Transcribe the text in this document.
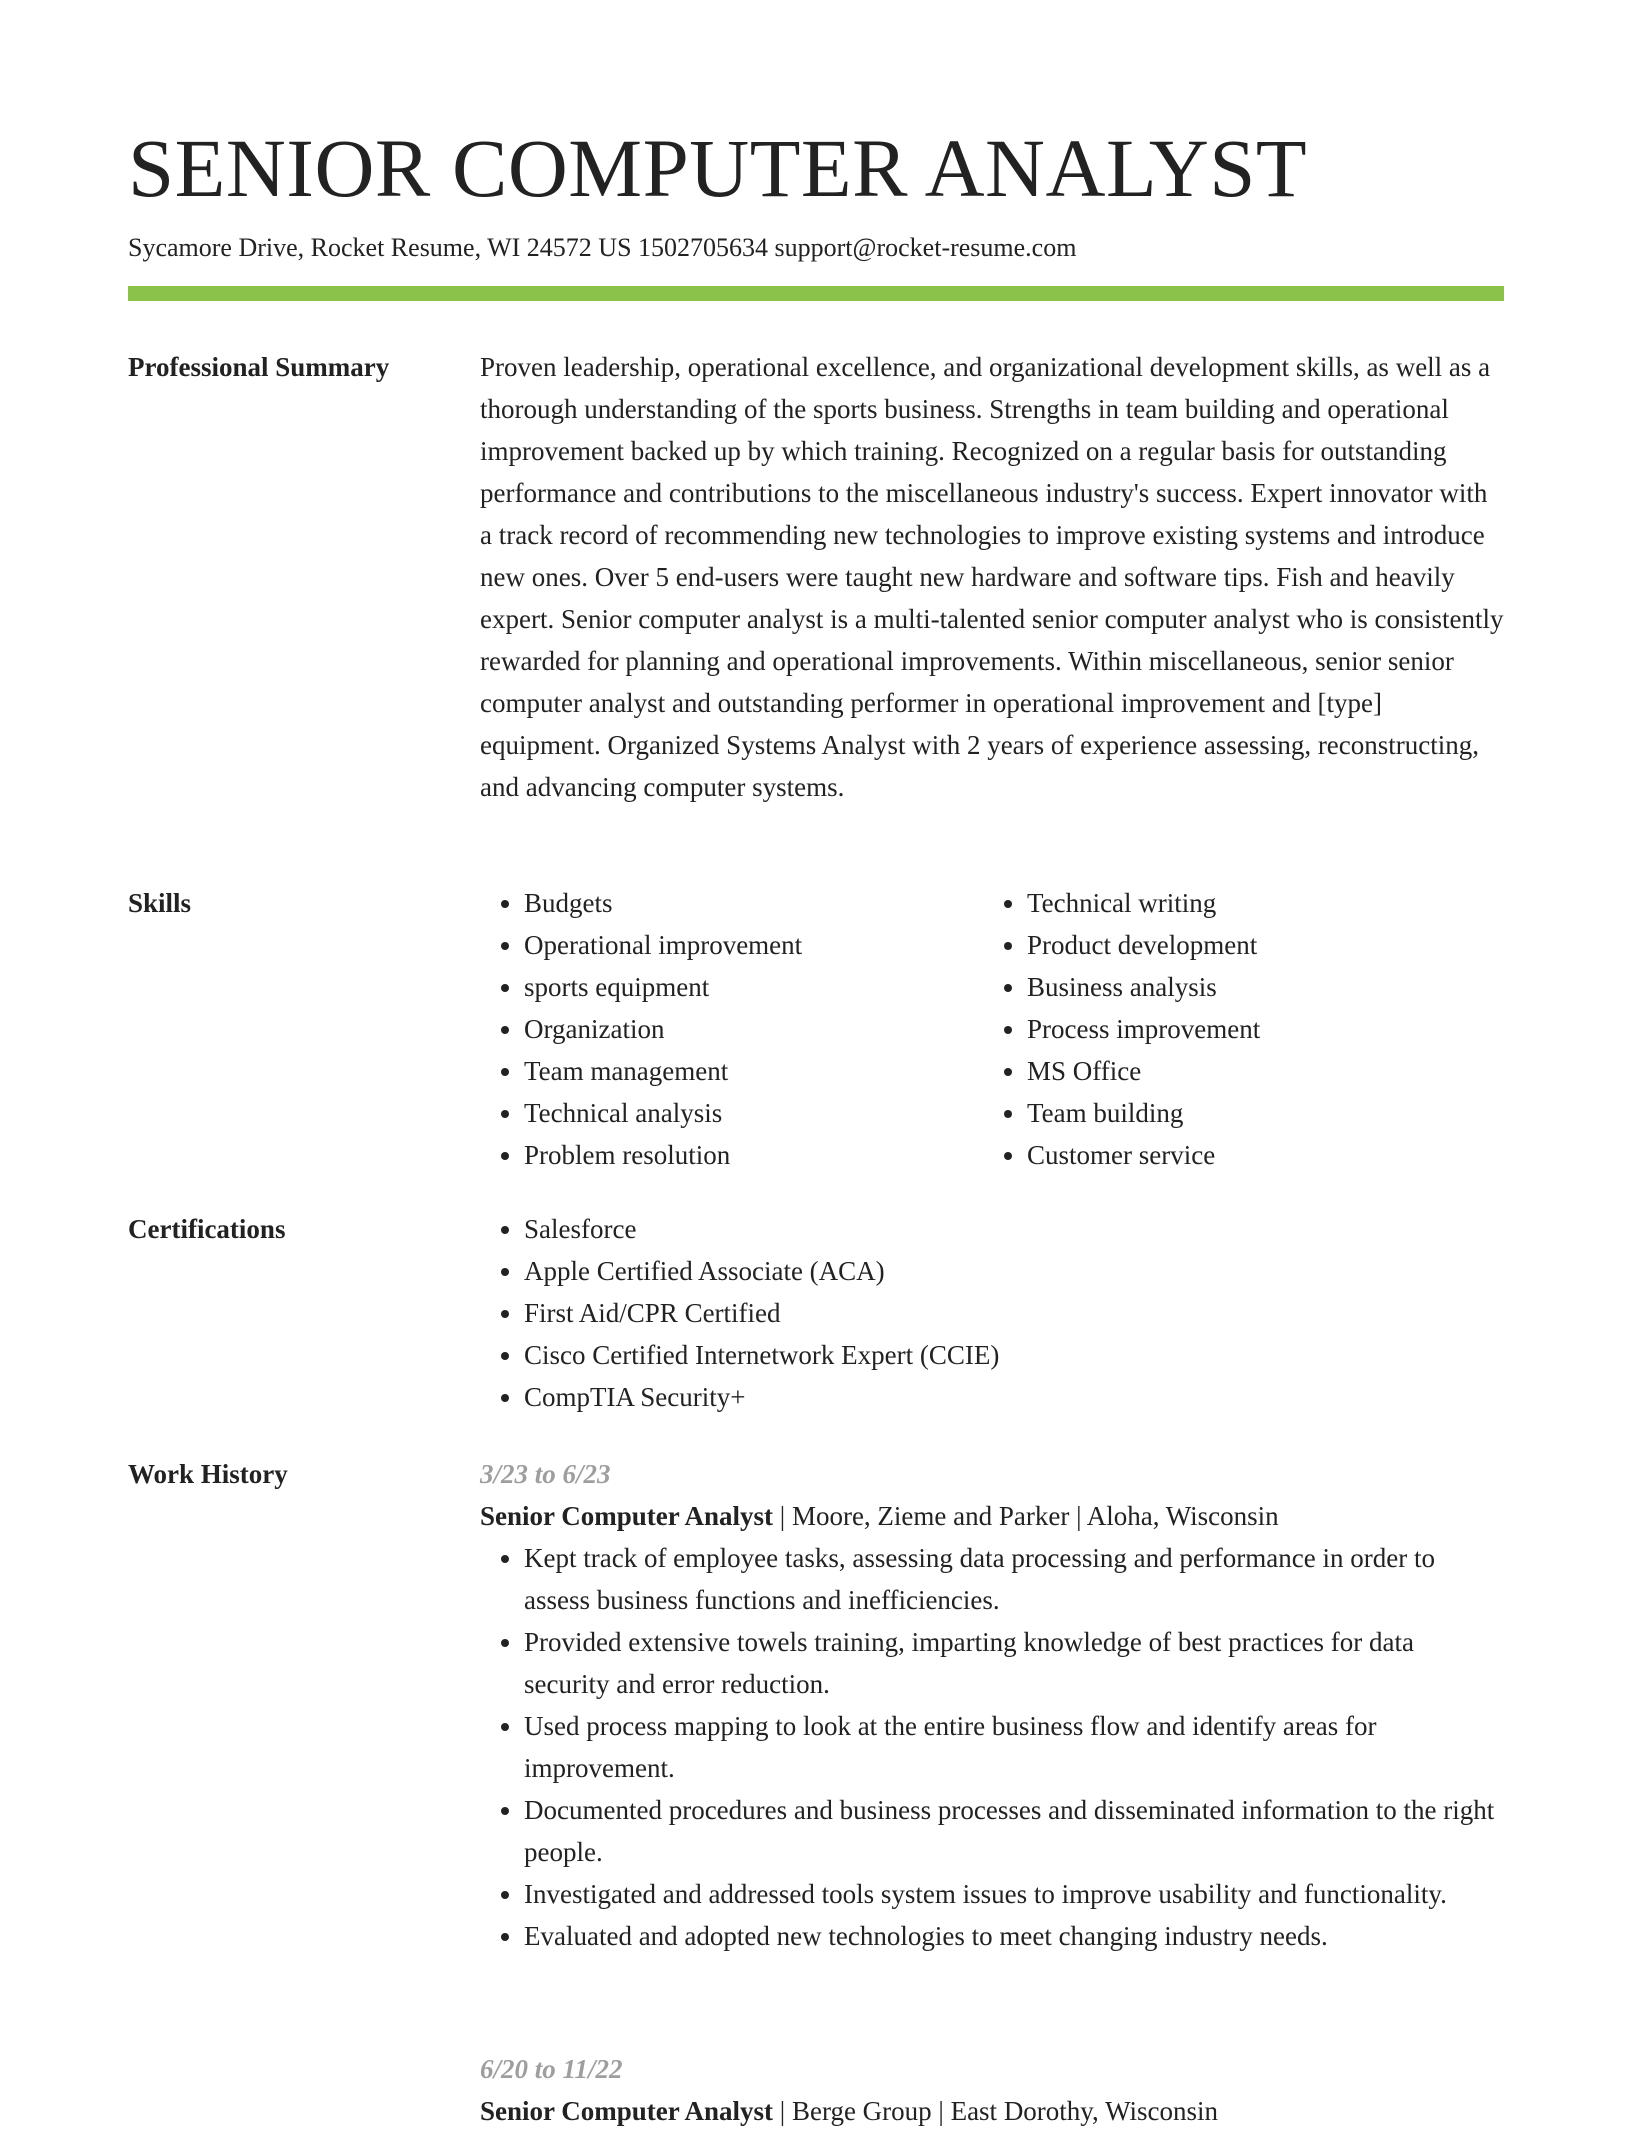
SENIOR COMPUTER ANALYST
Sycamore Drive, Rocket Resume, WI 24572 US 1502705634 support@rocket-resume.com
Professional Summary	Proven leadership, operational excellence, and organizational development skills, as well as a thorough understanding of the sports business. Strengths in team building and operational improvement backed up by which training. Recognized on a regular basis for outstanding performance and contributions to the miscellaneous industry's success. Expert innovator with a track record of recommending new technologies to improve existing systems and introduce new ones. Over 5 end-users were taught new hardware and software tips. Fish and heavily expert. Senior computer analyst is a multi-talented senior computer analyst who is consistently rewarded for planning and operational improvements. Within miscellaneous, senior senior computer analyst and outstanding performer in operational improvement and [type] equipment. Organized Systems Analyst with 2 years of experience assessing, reconstructing, and advancing computer systems.

Skills	• Budgets
• Operational improvement
• sports equipment
• Organization
• Team management
• Technical analysis
• Problem resolution
• Technical writing
• Product development
• Business analysis
• Process improvement
• MS Office
• Team building
• Customer service
Certifications	• Salesforce
• Apple Certified Associate (ACA)
• First Aid/CPR Certified
• Cisco Certified Internetwork Expert (CCIE)
• CompTIA Security+
Work History	3/23 to 6/23
Senior Computer Analyst | Moore, Zieme and Parker | Aloha, Wisconsin
• Kept track of employee tasks, assessing data processing and performance in order to assess business functions and inefficiencies.
• Provided extensive towels training, imparting knowledge of best practices for data security and error reduction.
• Used process mapping to look at the entire business flow and identify areas for improvement.
• Documented procedures and business processes and disseminated information to the right people.
• Investigated and addressed tools system issues to improve usability and functionality.
• Evaluated and adopted new technologies to meet changing industry needs.
6/20 to 11/22
Senior Computer Analyst | Berge Group | East Dorothy, Wisconsin
